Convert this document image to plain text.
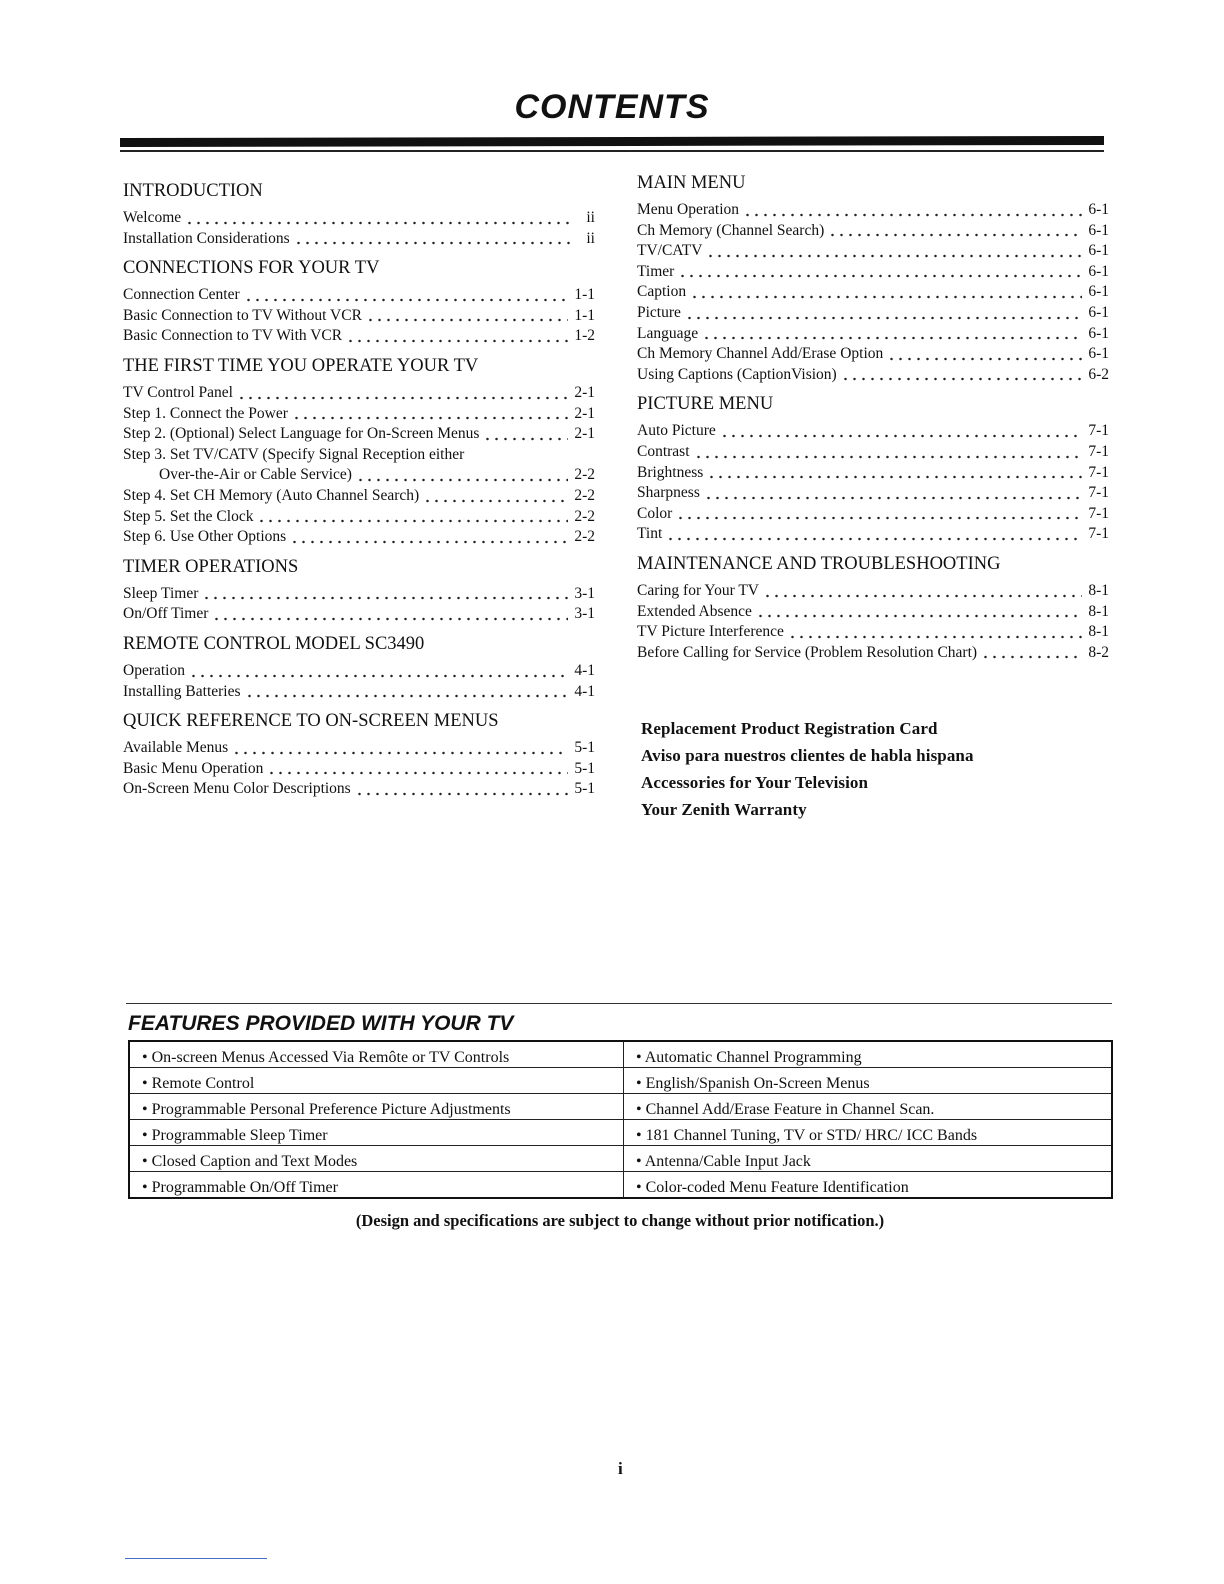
CONTENTS
INTRODUCTION
Welcome	ii
Installation Considerations	ii
CONNECTIONS FOR YOUR TV
Connection Center	1-1
Basic Connection to TV Without VCR	1-1
Basic Connection to TV With VCR	1-2
THE FIRST TIME YOU OPERATE YOUR TV
TV Control Panel	2-1
Step 1. Connect the Power	2-1
Step 2. (Optional) Select Language for On-Screen Menus	2-1
Step 3. Set TV/CATV (Specify Signal Reception either
Over-the-Air or Cable Service)	2-2
Step 4. Set CH Memory (Auto Channel Search)	2-2
Step 5. Set the Clock	2-2
Step 6. Use Other Options	2-2
TIMER OPERATIONS
Sleep Timer	3-1
On/Off Timer	3-1
REMOTE CONTROL MODEL SC3490
Operation	4-1
Installing Batteries	4-1
QUICK REFERENCE TO ON-SCREEN MENUS
Available Menus	5-1
Basic Menu Operation	5-1
On-Screen Menu Color Descriptions	5-1
MAIN MENU
Menu Operation	6-1
Ch Memory (Channel Search)	6-1
TV/CATV	6-1
Timer	6-1
Caption	6-1
Picture	6-1
Language	6-1
Ch Memory Channel Add/Erase Option	6-1
Using Captions (CaptionVision)	6-2
PICTURE MENU
Auto Picture	7-1
Contrast	7-1
Brightness	7-1
Sharpness	7-1
Color	7-1
Tint	7-1
MAINTENANCE AND TROUBLESHOOTING
Caring for Your TV	8-1
Extended Absence	8-1
TV Picture Interference	8-1
Before Calling for Service (Problem Resolution Chart)	8-2
Replacement Product Registration Card
Aviso para nuestros clientes de habla hispana
Accessories for Your Television
Your Zenith Warranty
FEATURES PROVIDED WITH YOUR TV
• On-screen Menus Accessed Via Remôte or TV Controls	• Automatic Channel Programming
• Remote Control	• English/Spanish On-Screen Menus
• Programmable Personal Preference Picture Adjustments	• Channel Add/Erase Feature in Channel Scan.
• Programmable Sleep Timer	• 181 Channel Tuning, TV or STD/ HRC/ ICC Bands
• Closed Caption and Text Modes	• Antenna/Cable Input Jack
• Programmable On/Off Timer	• Color-coded Menu Feature Identification
(Design and specifications are subject to change without prior notification.)
i
